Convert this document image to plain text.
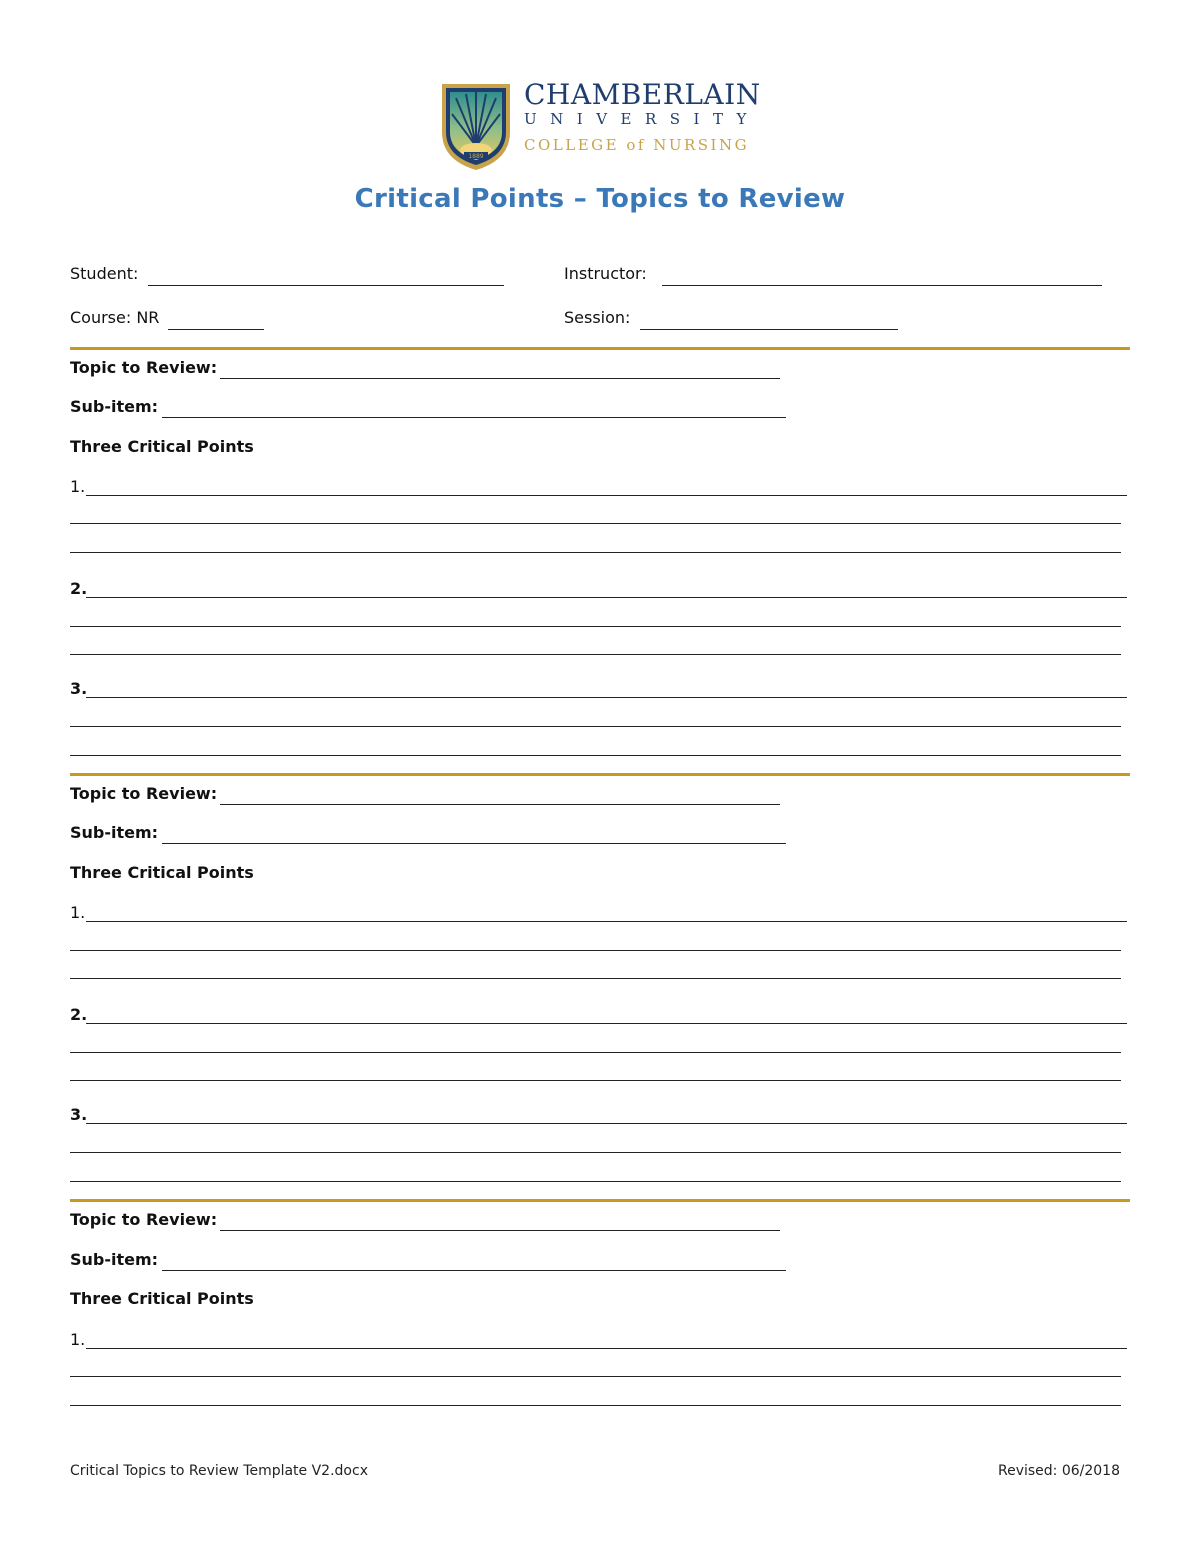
1889
CHAMBERLAIN
UNIVERSITY
COLLEGE of NURSING
Critical Points – Topics to Review
Student:	Instructor:
Course: NR	Session:
Topic to Review:
Sub-item:
Three Critical Points
1.
2.
3.
Topic to Review:
Sub-item:
Three Critical Points
1.
2.
3.
Topic to Review:
Sub-item:
Three Critical Points
1.
Critical Topics to Review Template V2.docx	Revised: 06/2018
